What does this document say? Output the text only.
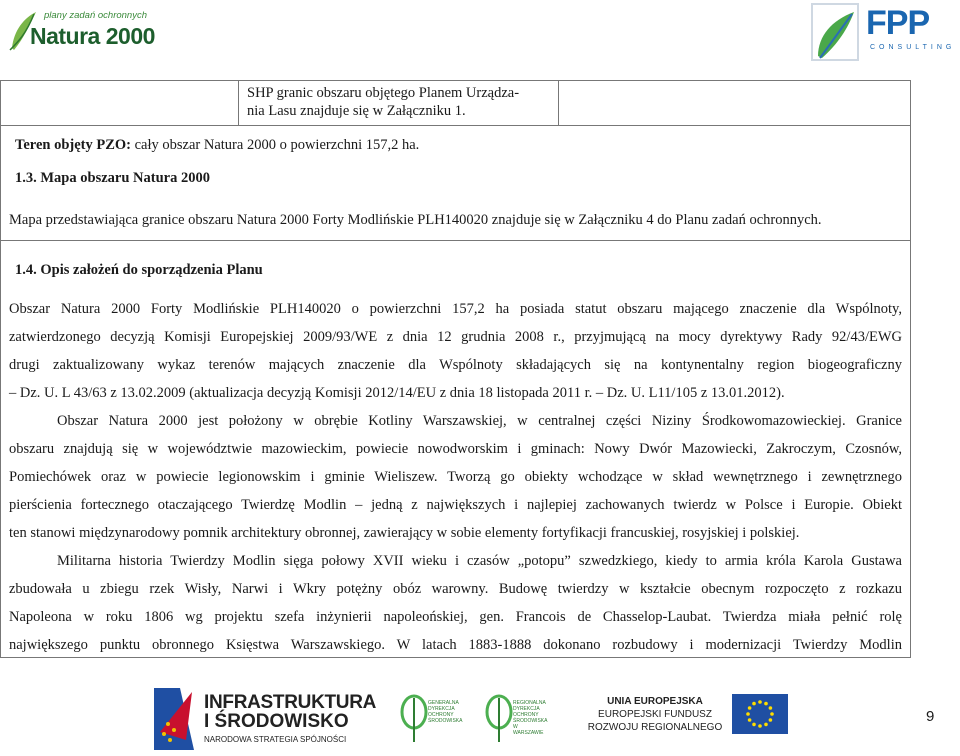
plany zadań ochronnych
Natura 2000	FPP
CONSULTING

SHP granic obszaru objętego Planem Urządza-
nia Lasu znajduje się w Załączniku 1.

Teren objęty PZO: cały obszar Natura 2000 o powierzchni 157,2 ha.
1.3. Mapa obszaru Natura 2000
Mapa przedstawiająca granice obszaru Natura 2000 Forty Modlińskie PLH140020 znajduje się w Załączniku 4 do Planu zadań ochronnych.
1.4. Opis założeń do sporządzenia Planu
Obszar Natura 2000 Forty Modlińskie PLH140020 o powierzchni 157,2 ha posiada statut obszaru mającego znaczenie dla Wspólnoty,
zatwierdzonego decyzją Komisji Europejskiej 2009/93/WE z dnia 12 grudnia 2008 r., przyjmującą na mocy dyrektywy Rady 92/43/EWG
drugi zaktualizowany wykaz terenów mających znaczenie dla Wspólnoty składających się na kontynentalny region biogeograficzny
– Dz. U. L 43/63 z 13.02.2009 (aktualizacja decyzją Komisji 2012/14/EU z dnia 18 listopada 2011 r. – Dz. U. L11/105 z 13.01.2012).
Obszar Natura 2000 jest położony w obrębie Kotliny Warszawskiej, w centralnej części Niziny Środkowomazowieckiej. Granice
obszaru znajdują się w województwie mazowieckim, powiecie nowodworskim i gminach: Nowy Dwór Mazowiecki, Zakroczym, Czosnów,
Pomiechówek oraz w powiecie legionowskim i gminie Wieliszew. Tworzą go obiekty wchodzące w skład wewnętrznego i zewnętrznego
pierścienia fortecznego otaczającego Twierdzę Modlin – jedną z największych i najlepiej zachowanych twierdz w Polsce i Europie. Obiekt
ten stanowi międzynarodowy pomnik architektury obronnej, zawierający w sobie elementy fortyfikacji francuskiej, rosyjskiej i polskiej.
Militarna historia Twierdzy Modlin sięga połowy XVII wieku i czasów „potopu” szwedzkiego, kiedy to armia króla Karola Gustawa
zbudowała u zbiegu rzek Wisły, Narwi i Wkry potężny obóz warowny. Budowę twierdzy w kształcie obecnym rozpoczęto z rozkazu
Napoleona w roku 1806 wg projektu szefa inżynierii napoleońskiej, gen. Francois de Chasselop-Laubat. Twierdza miała pełnić rolę
największego punktu obronnego Księstwa Warszawskiego. W latach 1883-1888 dokonano rozbudowy i modernizacji Twierdzy Modlin
INFRASTRUKTURA
I ŚRODOWISKO
NARODOWA STRATEGIA SPÓJNOŚCI
GENERALNA DYREKCJA OCHRONY ŚRODOWISKA
REGIONALNA DYREKCJA OCHRONY ŚRODOWISKA W WARSZAWIE
UNIA EUROPEJSKA
EUROPEJSKI FUNDUSZ
ROZWOJU REGIONALNEGO
9
